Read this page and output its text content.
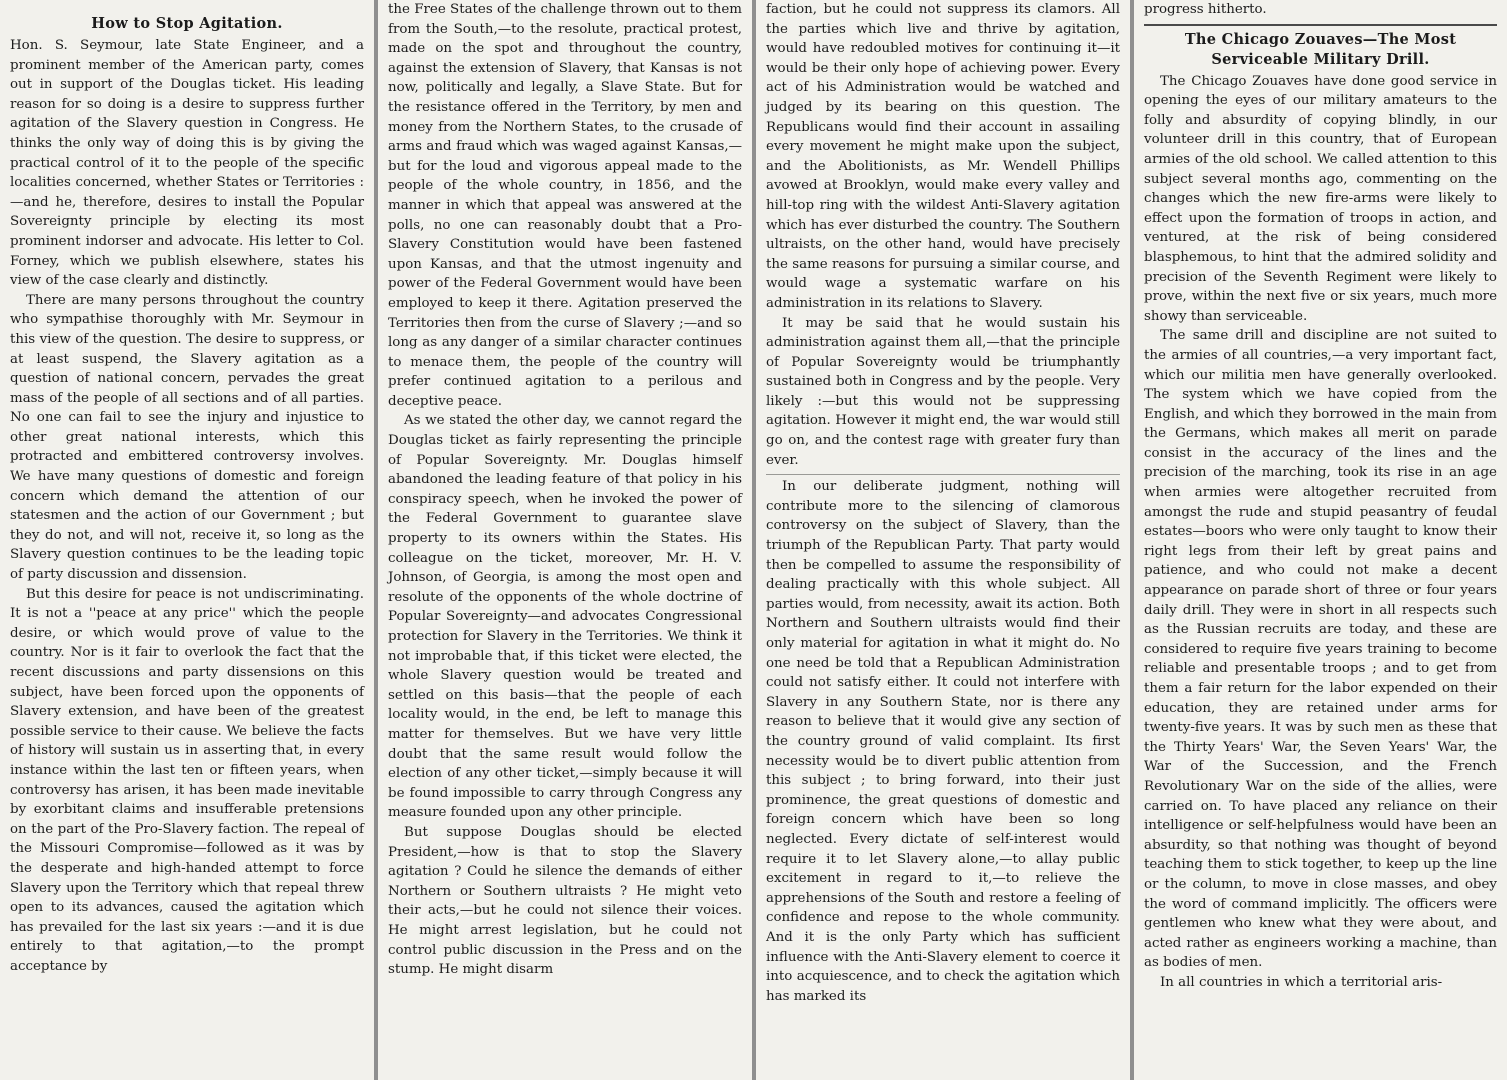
How to Stop Agitation.

Hon. S. Seymour, late State Engineer, and a prominent member of the American party, comes out in support of the Douglas ticket. His leading reason for so doing is a desire to suppress further agitation of the Slavery question in Congress. He thinks the only way of doing this is by giving the practical control of it to the people of the specific localities concerned, whether States or Territories :—and he, therefore, desires to install the Popular Sovereignty principle by electing its most prominent indorser and advocate. His letter to Col. Forney, which we publish elsewhere, states his view of the case clearly and distinctly.

There are many persons throughout the country who sympathise thoroughly with Mr. Seymour in this view of the question. The desire to suppress, or at least suspend, the Slavery agitation as a question of national concern, pervades the great mass of the people of all sections and of all parties. No one can fail to see the injury and injustice to other great national interests, which this protracted and embittered controversy involves. We have many questions of domestic and foreign concern which demand the attention of our statesmen and the action of our Government ; but they do not, and will not, receive it, so long as the Slavery question continues to be the leading topic of party discussion and dissension.

But this desire for peace is not undiscriminating. It is not a ''peace at any price'' which the people desire, or which would prove of value to the country. Nor is it fair to overlook the fact that the recent discussions and party dissensions on this subject, have been forced upon the opponents of Slavery extension, and have been of the greatest possible service to their cause. We believe the facts of history will sustain us in asserting that, in every instance within the last ten or fifteen years, when controversy has arisen, it has been made inevitable by exorbitant claims and insufferable pretensions on the part of the Pro-Slavery faction. The repeal of the Missouri Compromise—followed as it was by the desperate and high-handed attempt to force Slavery upon the Territory which that repeal threw open to its advances, caused the agitation which has prevailed for the last six years :—and it is due entirely to that agitation,—to the prompt acceptance by

the Free States of the challenge thrown out to them from the South,—to the resolute, practical protest, made on the spot and throughout the country, against the extension of Slavery, that Kansas is not now, politically and legally, a Slave State. But for the resistance offered in the Territory, by men and money from the Northern States, to the crusade of arms and fraud which was waged against Kansas,—but for the loud and vigorous appeal made to the people of the whole country, in 1856, and the manner in which that appeal was answered at the polls, no one can reasonably doubt that a Pro-Slavery Constitution would have been fastened upon Kansas, and that the utmost ingenuity and power of the Federal Government would have been employed to keep it there. Agitation preserved the Territories then from the curse of Slavery ;—and so long as any danger of a similar character continues to menace them, the people of the country will prefer continued agitation to a perilous and deceptive peace.

As we stated the other day, we cannot regard the Douglas ticket as fairly representing the principle of Popular Sovereignty. Mr. Douglas himself abandoned the leading feature of that policy in his conspiracy speech, when he invoked the power of the Federal Government to guarantee slave property to its owners within the States. His colleague on the ticket, moreover, Mr. H. V. Johnson, of Georgia, is among the most open and resolute of the opponents of the whole doctrine of Popular Sovereignty—and advocates Congressional protection for Slavery in the Territories. We think it not improbable that, if this ticket were elected, the whole Slavery question would be treated and settled on this basis—that the people of each locality would, in the end, be left to manage this matter for themselves. But we have very little doubt that the same result would follow the election of any other ticket,—simply because it will be found impossible to carry through Congress any measure founded upon any other principle.

But suppose Douglas should be elected President,—how is that to stop the Slavery agitation ? Could he silence the demands of either Northern or Southern ultraists ? He might veto their acts,—but he could not silence their voices. He might arrest legislation, but he could not control public discussion in the Press and on the stump. He might disarm

faction, but he could not suppress its clamors. All the parties which live and thrive by agitation, would have redoubled motives for continuing it—it would be their only hope of achieving power. Every act of his Administration would be watched and judged by its bearing on this question. The Republicans would find their account in assailing every movement he might make upon the subject, and the Abolitionists, as Mr. Wendell Phillips avowed at Brooklyn, would make every valley and hill-top ring with the wildest Anti-Slavery agitation which has ever disturbed the country. The Southern ultraists, on the other hand, would have precisely the same reasons for pursuing a similar course, and would wage a systematic warfare on his administration in its relations to Slavery.

It may be said that he would sustain his administration against them all,—that the principle of Popular Sovereignty would be triumphantly sustained both in Congress and by the people. Very likely :—but this would not be suppressing agitation. However it might end, the war would still go on, and the contest rage with greater fury than ever.

In our deliberate judgment, nothing will contribute more to the silencing of clamorous controversy on the subject of Slavery, than the triumph of the Republican Party. That party would then be compelled to assume the responsibility of dealing practically with this whole subject. All parties would, from necessity, await its action. Both Northern and Southern ultraists would find their only material for agitation in what it might do. No one need be told that a Republican Administration could not satisfy either. It could not interfere with Slavery in any Southern State, nor is there any reason to believe that it would give any section of the country ground of valid complaint. Its first necessity would be to divert public attention from this subject ; to bring forward, into their just prominence, the great questions of domestic and foreign concern which have been so long neglected. Every dictate of self-interest would require it to let Slavery alone,—to allay public excitement in regard to it,—to relieve the apprehensions of the South and restore a feeling of confidence and repose to the whole community. And it is the only Party which has sufficient influence with the Anti-Slavery element to coerce it into acquiescence, and to check the agitation which has marked its

progress hitherto.

The Chicago Zouaves—The Most Serviceable Military Drill.

The Chicago Zouaves have done good service in opening the eyes of our military amateurs to the folly and absurdity of copying blindly, in our volunteer drill in this country, that of European armies of the old school. We called attention to this subject several months ago, commenting on the changes which the new fire-arms were likely to effect upon the formation of troops in action, and ventured, at the risk of being considered blasphemous, to hint that the admired solidity and precision of the Seventh Regiment were likely to prove, within the next five or six years, much more showy than serviceable.

The same drill and discipline are not suited to the armies of all countries,—a very important fact, which our militia men have generally overlooked. The system which we have copied from the English, and which they borrowed in the main from the Germans, which makes all merit on parade consist in the accuracy of the lines and the precision of the marching, took its rise in an age when armies were altogether recruited from amongst the rude and stupid peasantry of feudal estates—boors who were only taught to know their right legs from their left by great pains and patience, and who could not make a decent appearance on parade short of three or four years daily drill. They were in short in all respects such as the Russian recruits are today, and these are considered to require five years training to become reliable and presentable troops ; and to get from them a fair return for the labor expended on their education, they are retained under arms for twenty-five years. It was by such men as these that the Thirty Years' War, the Seven Years' War, the War of the Succession, and the French Revolutionary War on the side of the allies, were carried on. To have placed any reliance on their intelligence or self-helpfulness would have been an absurdity, so that nothing was thought of beyond teaching them to stick together, to keep up the line or the column, to move in close masses, and obey the word of command implicitly. The officers were gentlemen who knew what they were about, and acted rather as engineers working a machine, than as bodies of men.

In all countries in which a territorial aris-
